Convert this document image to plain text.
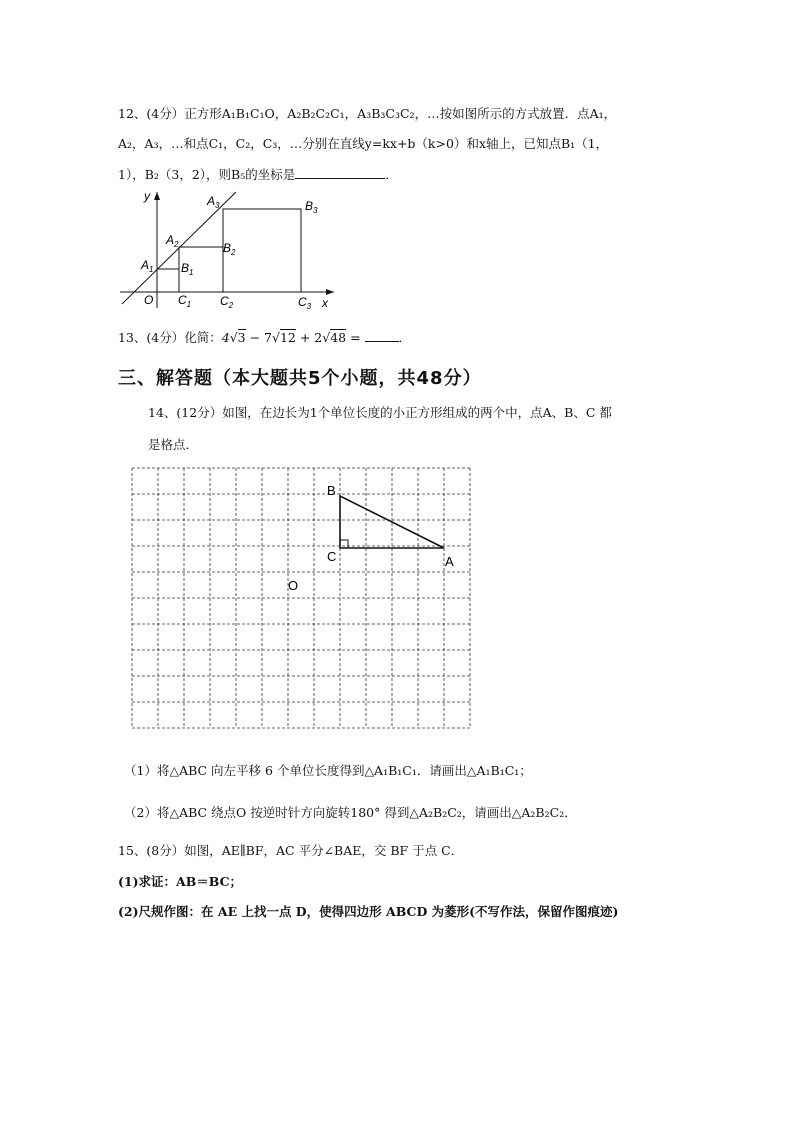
12、(4分）正方形A₁B₁C₁O，A₂B₂C₂C₁，A₃B₃C₃C₂，…按如图所示的方式放置．点A₁，
A₂，A₃，…和点C₁，C₂，C₃，…分别在直线y=kx+b（k>0）和x轴上，已知点B₁（1，
1），B₂（3，2），则B₅的坐标是	．
y
x
O
$A_1$
$A_2$
$A_3$
$B_1$
$B_2$
$B_3$
$C_1$ $C_2$	$C_3$
13、(4分）化简：4√3 − 7√12 + 2√48 =	．
三、解答题（本大题共5个小题，共48分）
14、(12分）如图，在边长为1个单位长度的小正方形组成的两个中，点A、B、C 都
是格点．
B
C	A
O
（1）将△ABC 向左平移 6 个单位长度得到△A₁B₁C₁．请画出△A₁B₁C₁；
（2）将△ABC 绕点O 按逆时针方向旋转180° 得到△A₂B₂C₂，请画出△A₂B₂C₂．
15、(8分）如图，AE∥BF，AC 平分∠BAE，交 BF 于点 C．
(1)求证：AB＝BC；
(2)尺规作图：在 AE 上找一点 D，使得四边形 ABCD 为菱形(不写作法，保留作图痕迹)
